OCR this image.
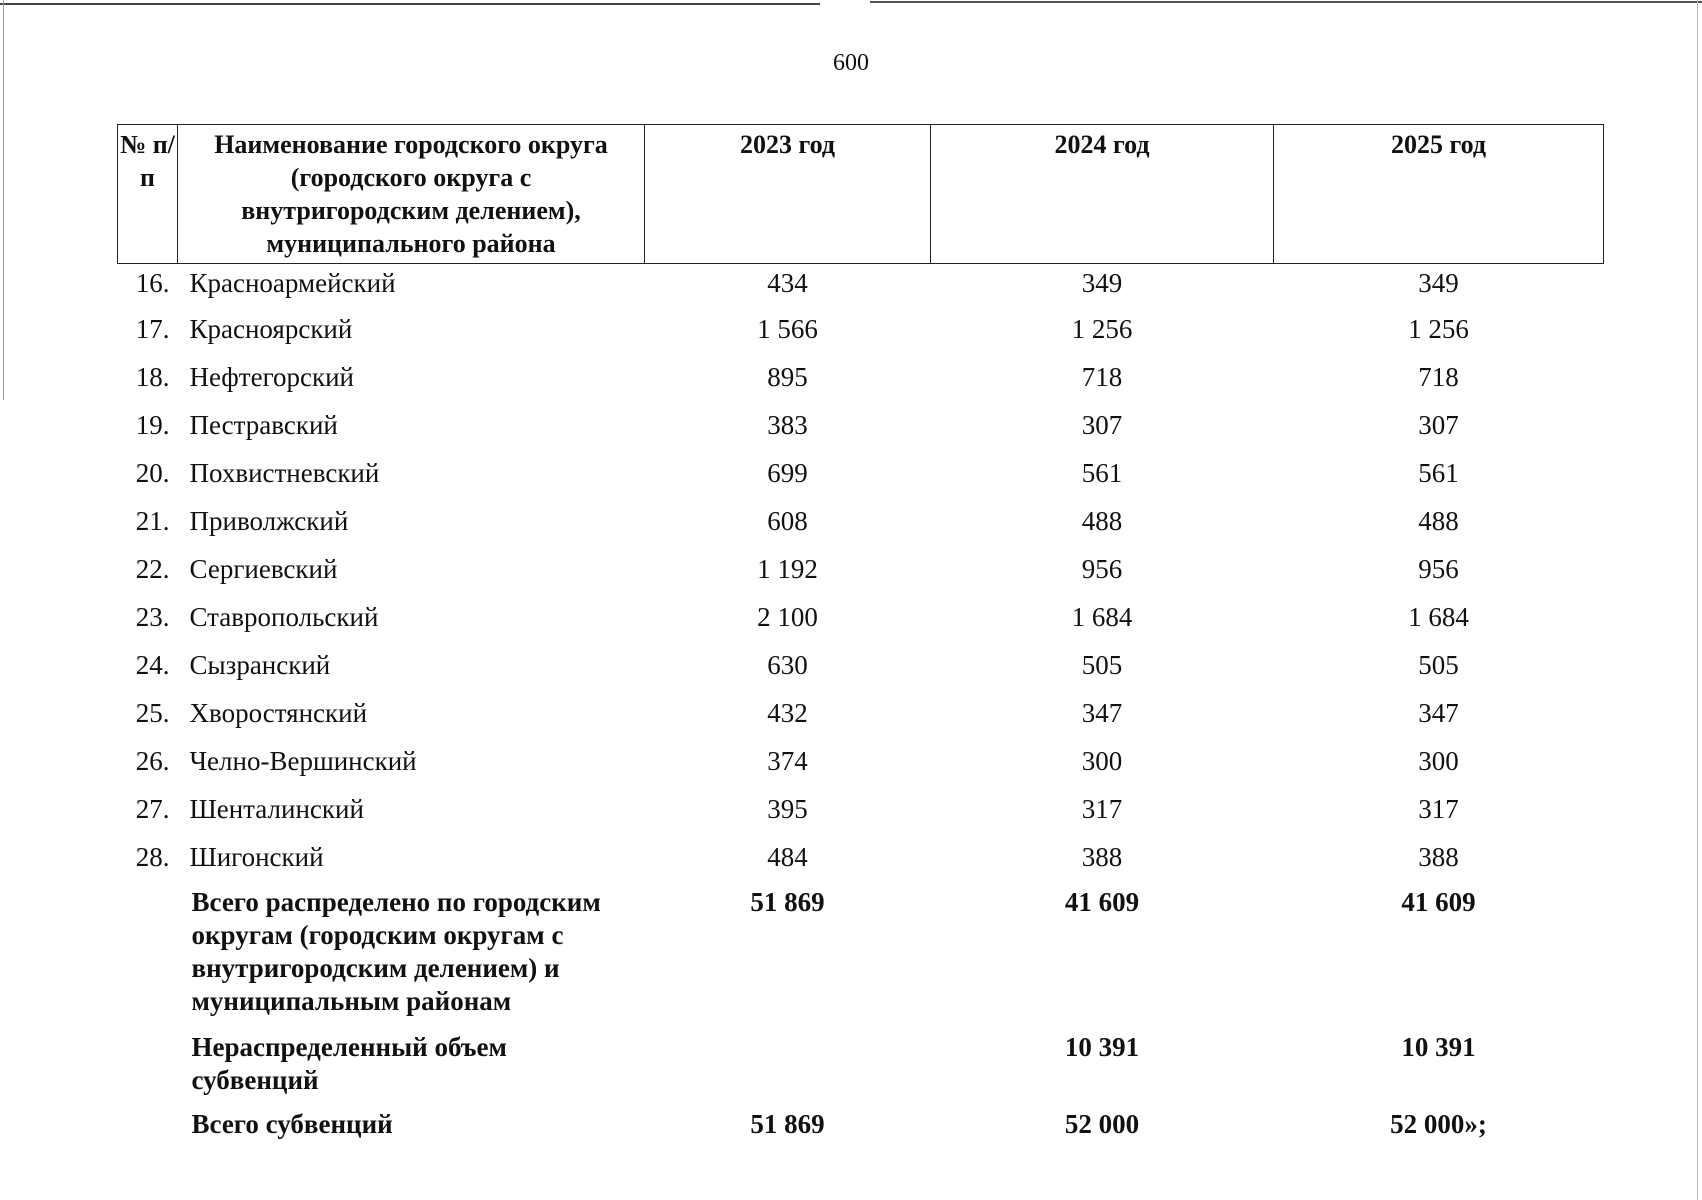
600
№ п/п	Наименование городского округа (городского округа с внутригородским делением), муниципального района	2023 год	2024 год	2025 год
16.	Красноармейский	434	349	349
17.	Красноярский	1 566	1 256	1 256
18.	Нефтегорский	895	718	718
19.	Пестравский	383	307	307
20.	Похвистневский	699	561	561
21.	Приволжский	608	488	488
22.	Сергиевский	1 192	956	956
23.	Ставропольский	2 100	1 684	1 684
24.	Сызранский	630	505	505
25.	Хворостянский	432	347	347
26.	Челно-Вершинский	374	300	300
27.	Шенталинский	395	317	317
28.	Шигонский	484	388	388
	Всего распределено по городским округам (городским округам с внутригородским делением) и муниципальным районам	51 869	41 609	41 609
	Нераспределенный объем субвенций		10 391	10 391
	Всего субвенций	51 869	52 000	52 000»;
